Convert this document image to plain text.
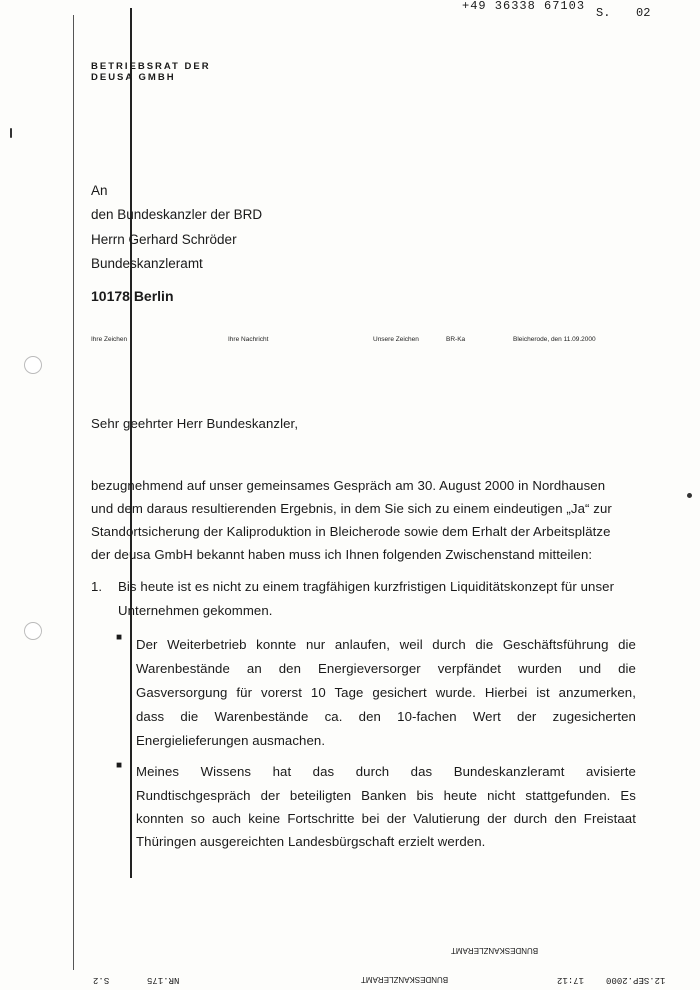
+49 36338 67103 S. 02
BETRIEBSRAT DER
DEUSA GMBH
An
den Bundeskanzler der BRD
Herrn Gerhard Schröder
Bundeskanzleramt
10178 Berlin
Ihre Zeichen	Ihre Nachricht	Unsere Zeichen	BR-Ka	Bleicherode, den 11.09.2000
Sehr geehrter Herr Bundeskanzler,
bezugnehmend auf unser gemeinsames Gespräch am 30. August 2000 in Nordhausen
und dem daraus resultierenden Ergebnis, in dem Sie sich zu einem eindeutigen „Ja“ zur
Standortsicherung der Kaliproduktion in Bleicherode sowie dem Erhalt der Arbeitsplätze
der deusa GmbH bekannt haben muss ich Ihnen folgenden Zwischenstand mitteilen:
1. Bis heute ist es nicht zu einem tragfähigen kurzfristigen Liquiditätskonzept für unser
Unternehmen gekommen.
■ Der Weiterbetrieb konnte nur anlaufen, weil durch die Geschäftsführung die
Warenbestände an den Energieversorger verpfändet wurden und die
Gasversorgung für vorerst 10 Tage gesichert wurde. Hierbei ist anzumerken,
dass die Warenbestände ca. den 10-fachen Wert der zugesicherten
Energielieferungen ausmachen.
■ Meines Wissens hat das durch das Bundeskanzleramt avisierte
Rundtischgespräch der beteiligten Banken bis heute nicht stattgefunden. Es
konnten so auch keine Fortschritte bei der Valutierung der durch den Freistaat
Thüringen ausgereichten Landesbürgschaft erzielt werden.
BUNDESKANZLERAMT
BUNDESKANZLERAMT
NR.175
S.2	17:12 12.SEP.2000
